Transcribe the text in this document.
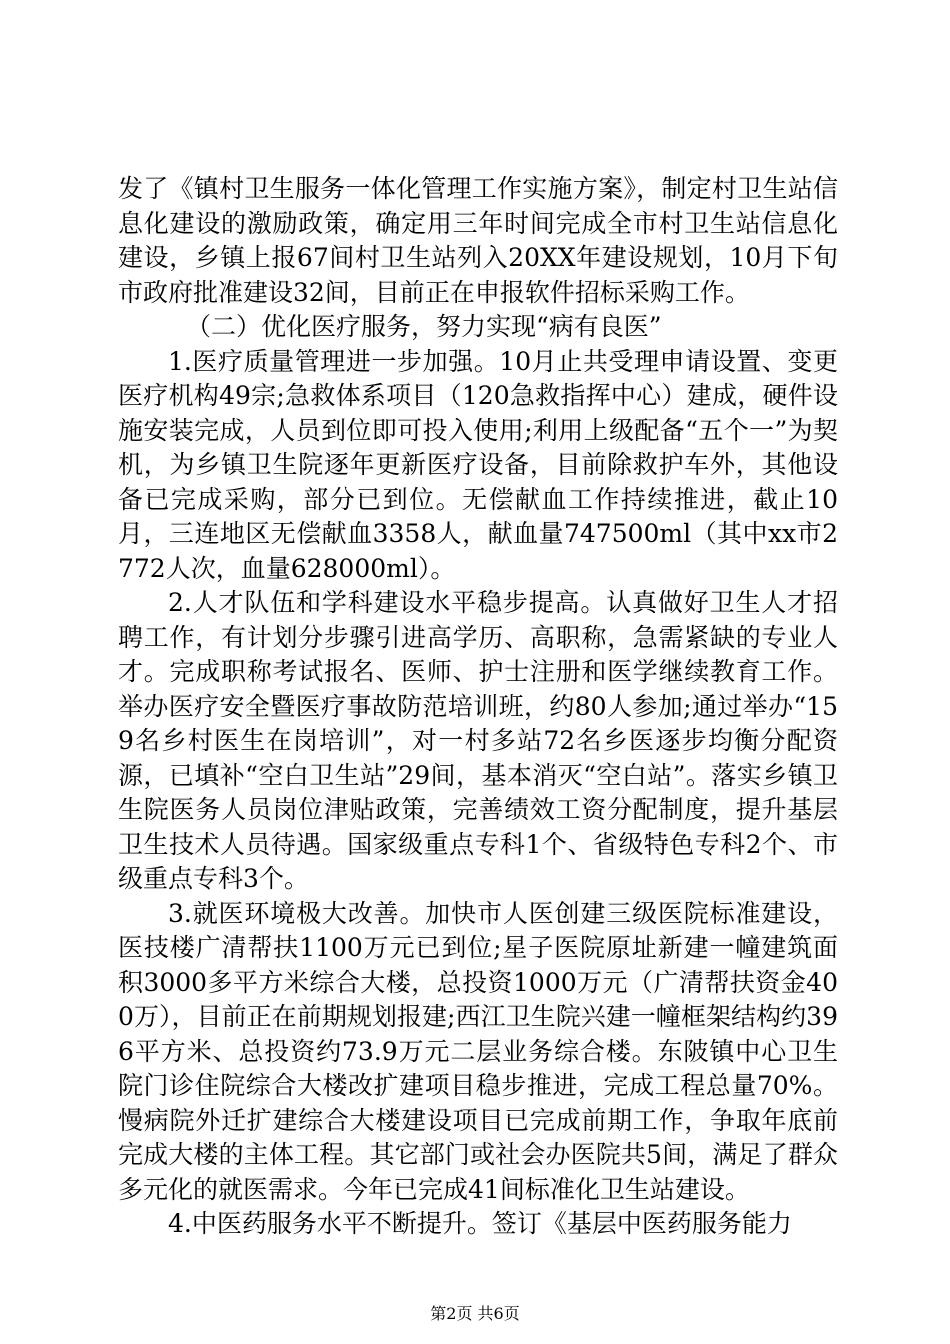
发了《镇村卫生服务一体化管理工作实施方案》，制定村卫生站信息化建设的激励政策，确定用三年时间完成全市村卫生站信息化建设，乡镇上报67间村卫生站列入20XX年建设规划，10月下旬市政府批准建设32间，目前正在申报软件招标采购工作。

（二）优化医疗服务，努力实现“病有良医”

1.医疗质量管理进一步加强。10月止共受理申请设置、变更医疗机构49宗;急救体系项目（120急救指挥中心）建成，硬件设施安装完成，人员到位即可投入使用;利用上级配备“五个一”为契机，为乡镇卫生院逐年更新医疗设备，目前除救护车外，其他设备已完成采购，部分已到位。无偿献血工作持续推进，截止10月，三连地区无偿献血3358人，献血量747500ml（其中xx市2772人次，血量628000ml）。

2.人才队伍和学科建设水平稳步提高。认真做好卫生人才招聘工作，有计划分步骤引进高学历、高职称，急需紧缺的专业人才。完成职称考试报名、医师、护士注册和医学继续教育工作。举办医疗安全暨医疗事故防范培训班，约80人参加;通过举办“159名乡村医生在岗培训”，对一村多站72名乡医逐步均衡分配资源，已填补“空白卫生站”29间，基本消灭“空白站”。落实乡镇卫生院医务人员岗位津贴政策，完善绩效工资分配制度，提升基层卫生技术人员待遇。国家级重点专科1个、省级特色专科2个、市级重点专科3个。

3.就医环境极大改善。加快市人医创建三级医院标准建设，医技楼广清帮扶1100万元已到位;星子医院原址新建一幢建筑面积3000多平方米综合大楼，总投资1000万元（广清帮扶资金400万），目前正在前期规划报建;西江卫生院兴建一幢框架结构约396平方米、总投资约73.9万元二层业务综合楼。东陂镇中心卫生院门诊住院综合大楼改扩建项目稳步推进，完成工程总量70%。慢病院外迁扩建综合大楼建设项目已完成前期工作，争取年底前完成大楼的主体工程。其它部门或社会办医院共5间，满足了群众多元化的就医需求。今年已完成41间标准化卫生站建设。

4.中医药服务水平不断提升。签订《基层中医药服务能力

第2页 共6页
